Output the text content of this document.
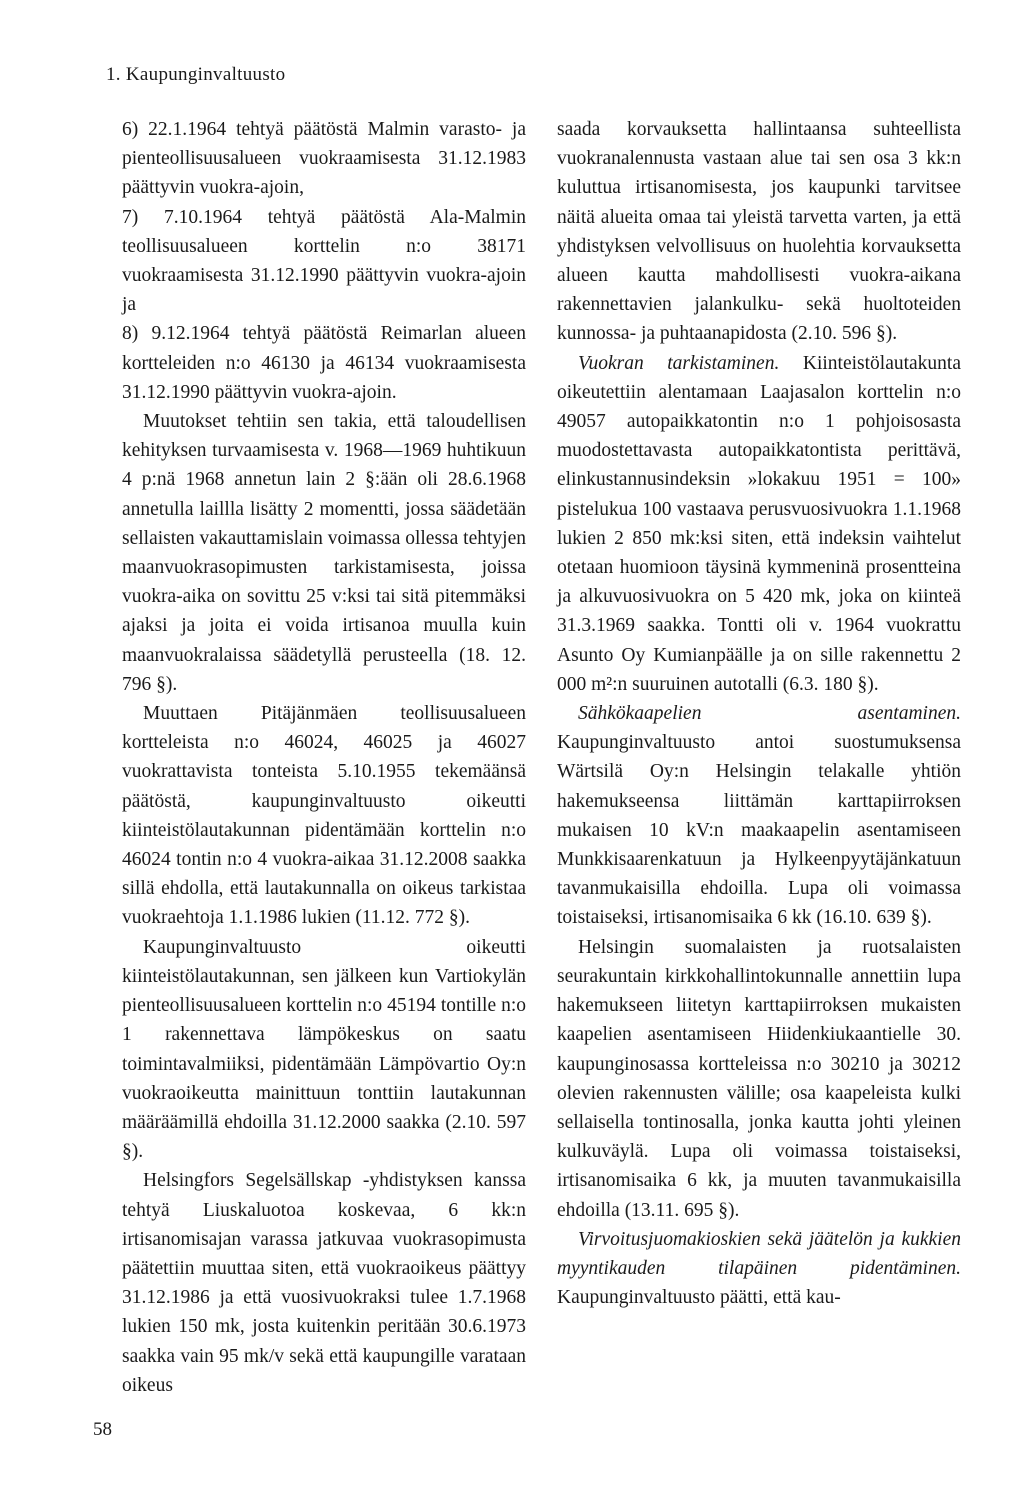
1. Kaupunginvaltuusto

6) 22.1.1964 tehtyä päätöstä Malmin varasto- ja pienteollisuusalueen vuokraamisesta 31.12.1983 päättyvin vuokra-ajoin,

7) 7.10.1964 tehtyä päätöstä Ala-Malmin teollisuusalueen korttelin n:o 38171 vuokraamisesta 31.12.1990 päättyvin vuokra-ajoin ja

8) 9.12.1964 tehtyä päätöstä Reimarlan alueen kortteleiden n:o 46130 ja 46134 vuokraamisesta 31.12.1990 päättyvin vuokra-ajoin.

Muutokset tehtiin sen takia, että taloudellisen kehityksen turvaamisesta v. 1968—1969 huhtikuun 4 p:nä 1968 annetun lain 2 §:ään oli 28.6.1968 annetulla laillla lisätty 2 momentti, jossa säädetään sellaisten vakauttamislain voimassa ollessa tehtyjen maanvuokrasopimusten tarkistamisesta, joissa vuokra-aika on sovittu 25 v:ksi tai sitä pitemmäksi ajaksi ja joita ei voida irtisanoa muulla kuin maanvuokralaissa säädetyllä perusteella (18. 12. 796 §).

Muuttaen Pitäjänmäen teollisuusalueen kortteleista n:o 46024, 46025 ja 46027 vuokrattavista tonteista 5.10.1955 tekemäänsä päätöstä, kaupunginvaltuusto oikeutti kiinteistölautakunnan pidentämään korttelin n:o 46024 tontin n:o 4 vuokra-aikaa 31.12.2008 saakka sillä ehdolla, että lautakunnalla on oikeus tarkistaa vuokraehtoja 1.1.1986 lukien (11.12. 772 §).

Kaupunginvaltuusto oikeutti kiinteistölautakunnan, sen jälkeen kun Vartiokylän pienteollisuusalueen korttelin n:o 45194 tontille n:o 1 rakennettava lämpökeskus on saatu toimintavalmiiksi, pidentämään Lämpövartio Oy:n vuokraoikeutta mainittuun tonttiin lautakunnan määräämillä ehdoilla 31.12.2000 saakka (2.10. 597 §).

Helsingfors Segelsällskap -yhdistyksen kanssa tehtyä Liuskaluotoa koskevaa, 6 kk:n irtisanomisajan varassa jatkuvaa vuokrasopimusta päätettiin muuttaa siten, että vuokraoikeus päättyy 31.12.1986 ja että vuosivuokraksi tulee 1.7.1968 lukien 150 mk, josta kuitenkin peritään 30.6.1973 saakka vain 95 mk/v sekä että kaupungille varataan oikeus

saada korvauksetta hallintaansa suhteellista vuokranalennusta vastaan alue tai sen osa 3 kk:n kuluttua irtisanomisesta, jos kaupunki tarvitsee näitä alueita omaa tai yleistä tarvetta varten, ja että yhdistyksen velvollisuus on huolehtia korvauksetta alueen kautta mahdollisesti vuokra-aikana rakennettavien jalankulku- sekä huoltoteiden kunnossa- ja puhtaanapidosta (2.10. 596 §).

Vuokran tarkistaminen. Kiinteistölautakunta oikeutettiin alentamaan Laajasalon korttelin n:o 49057 autopaikkatontin n:o 1 pohjoisosasta muodostettavasta autopaikkatontista perittävä, elinkustannusindeksin »lokakuu 1951 = 100» pistelukua 100 vastaava perusvuosivuokra 1.1.1968 lukien 2 850 mk:ksi siten, että indeksin vaihtelut otetaan huomioon täysinä kymmeninä prosentteina ja alkuvuosivuokra on 5 420 mk, joka on kiinteä 31.3.1969 saakka. Tontti oli v. 1964 vuokrattu Asunto Oy Kumianpäälle ja on sille rakennettu 2 000 m²:n suuruinen autotalli (6.3. 180 §).

Sähkökaapelien asentaminen. Kaupunginvaltuusto antoi suostumuksensa Wärtsilä Oy:n Helsingin telakalle yhtiön hakemukseensa liittämän karttapiirroksen mukaisen 10 kV:n maakaapelin asentamiseen Munkkisaarenkatuun ja Hylkeenpyytäjänkatuun tavanmukaisilla ehdoilla. Lupa oli voimassa toistaiseksi, irtisanomisaika 6 kk (16.10. 639 §).

Helsingin suomalaisten ja ruotsalaisten seurakuntain kirkkohallintokunnalle annettiin lupa hakemukseen liitetyn karttapiirroksen mukaisten kaapelien asentamiseen Hiidenkiukaantielle 30. kaupunginosassa kortteleissa n:o 30210 ja 30212 olevien rakennusten välille; osa kaapeleista kulki sellaisella tontinosalla, jonka kautta johti yleinen kulkuväylä. Lupa oli voimassa toistaiseksi, irtisanomisaika 6 kk, ja muuten tavanmukaisilla ehdoilla (13.11. 695 §).

Virvoitusjuomakioskien sekä jäätelön ja kukkien myyntikauden tilapäinen pidentäminen. Kaupunginvaltuusto päätti, että kau-

58
